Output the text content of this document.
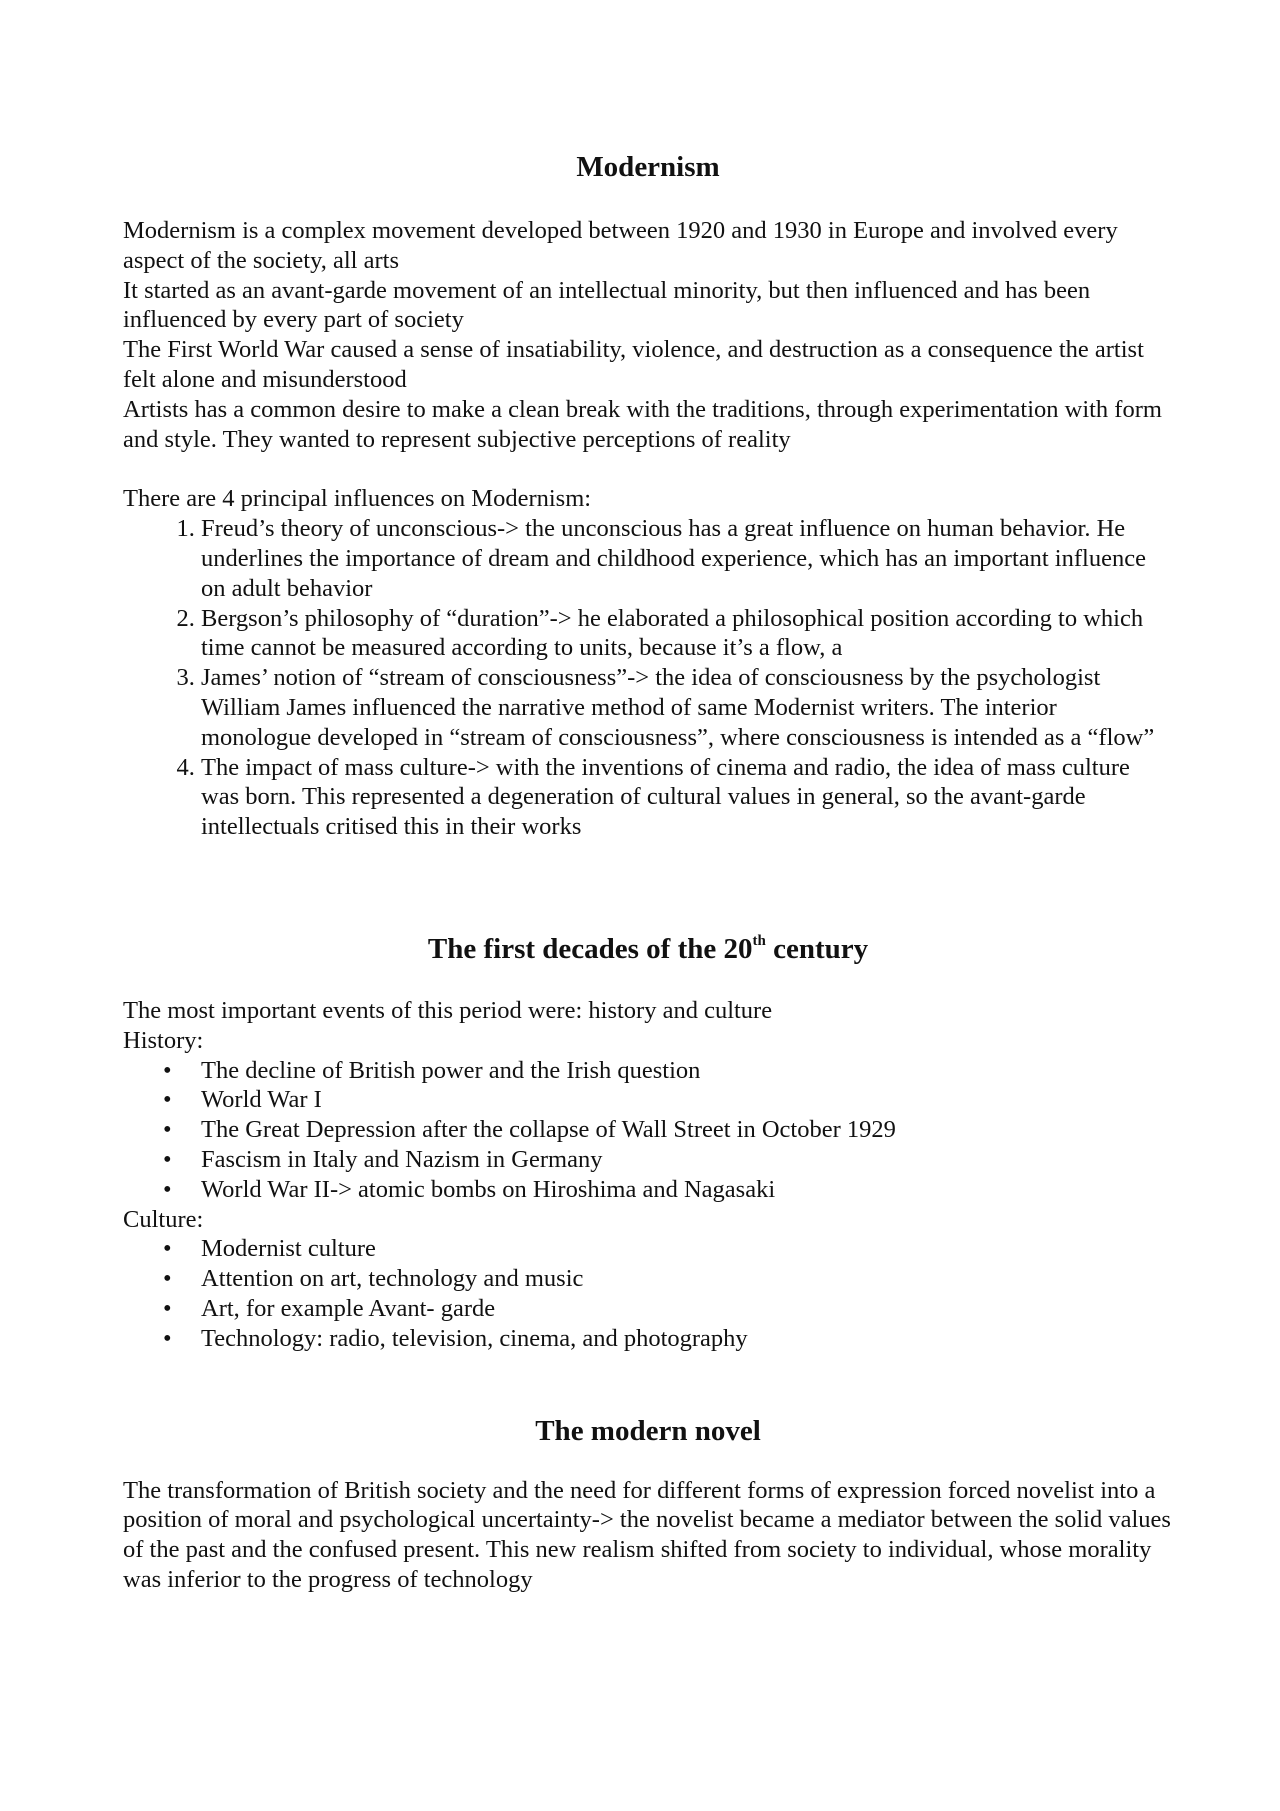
Modernism

Modernism is a complex movement developed between 1920 and 1930 in Europe and involved every aspect of the society, all arts

It started as an avant-garde movement of an intellectual minority, but then influenced and has been influenced by every part of society

The First World War caused a sense of insatiability, violence, and destruction as a consequence the artist felt alone and misunderstood

Artists has a common desire to make a clean break with the traditions, through experimentation with form and style. They wanted to represent subjective perceptions of reality

There are 4 principal influences on Modernism:

1. Freud’s theory of unconscious-> the unconscious has a great influence on human behavior. He underlines the importance of dream and childhood experience, which has an important influence on adult behavior
2. Bergson’s philosophy of “duration”-> he elaborated a philosophical position according to which time cannot be measured according to units, because it’s a flow, a
3. James’ notion of “stream of consciousness”-> the idea of consciousness by the psychologist William James influenced the narrative method of same Modernist writers. The interior monologue developed in “stream of consciousness”, where consciousness is intended as a “flow”
4. The impact of mass culture-> with the inventions of cinema and radio, the idea of mass culture was born. This represented a degeneration of cultural values in general, so the avant-garde intellectuals critised this in their works
The first decades of the 20th century

The most important events of this period were: history and culture

History:

• The decline of British power and the Irish question
• World War I
• The Great Depression after the collapse of Wall Street in October 1929
• Fascism in Italy and Nazism in Germany
• World War II-> atomic bombs on Hiroshima and Nagasaki

Culture:

• Modernist culture
• Attention on art, technology and music
• Art, for example Avant- garde
• Technology: radio, television, cinema, and photography
The modern novel

The transformation of British society and the need for different forms of expression forced novelist into a position of moral and psychological uncertainty-> the novelist became a mediator between the solid values of the past and the confused present. This new realism shifted from society to individual, whose morality was inferior to the progress of technology
